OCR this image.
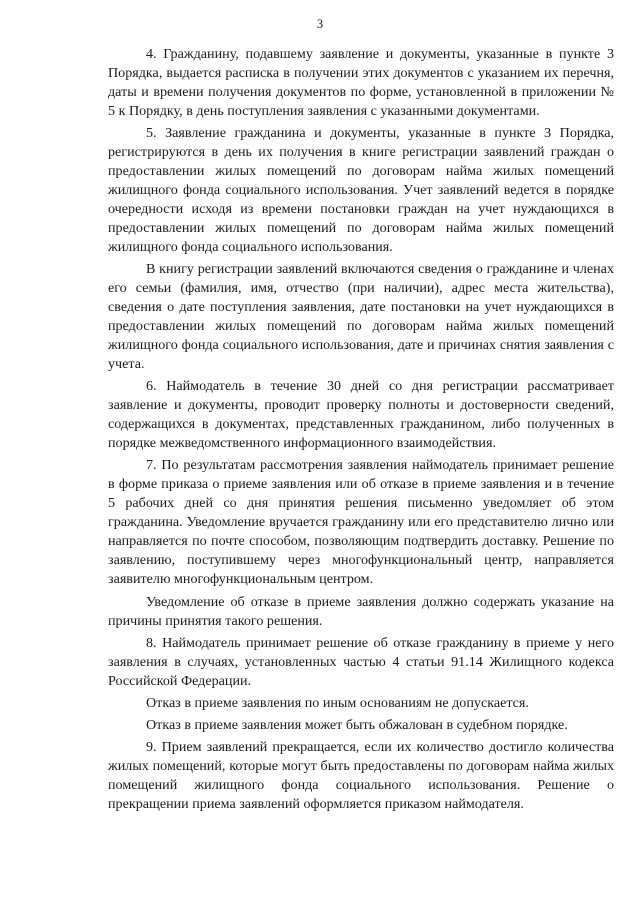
3

4. Гражданину, подавшему заявление и документы, указанные в пункте 3 Порядка, выдается расписка в получении этих документов с указанием их перечня, даты и времени получения документов по форме, установленной в приложении № 5 к Порядку, в день поступления заявления с указанными документами.

5. Заявление гражданина и документы, указанные в пункте 3 Порядка, регистрируются в день их получения в книге регистрации заявлений граждан о предоставлении жилых помещений по договорам найма жилых помещений жилищного фонда социального использования. Учет заявлений ведется в порядке очередности исходя из времени постановки граждан на учет нуждающихся в предоставлении жилых помещений по договорам найма жилых помещений жилищного фонда социального использования.

В книгу регистрации заявлений включаются сведения о гражданине и членах его семьи (фамилия, имя, отчество (при наличии), адрес места жительства), сведения о дате поступления заявления, дате постановки на учет нуждающихся в предоставлении жилых помещений по договорам найма жилых помещений жилищного фонда социального использования, дате и причинах снятия заявления с учета.

6. Наймодатель в течение 30 дней со дня регистрации рассматривает заявление и документы, проводит проверку полноты и достоверности сведений, содержащихся в документах, представленных гражданином, либо полученных в порядке межведомственного информационного взаимодействия.

7. По результатам рассмотрения заявления наймодатель принимает решение в форме приказа о приеме заявления или об отказе в приеме заявления и в течение 5 рабочих дней со дня принятия решения письменно уведомляет об этом гражданина. Уведомление вручается гражданину или его представителю лично или направляется по почте способом, позволяющим подтвердить доставку. Решение по заявлению, поступившему через многофункциональный центр, направляется заявителю многофункциональным центром.

Уведомление об отказе в приеме заявления должно содержать указание на причины принятия такого решения.

8. Наймодатель принимает решение об отказе гражданину в приеме у него заявления в случаях, установленных частью 4 статьи 91.14 Жилищного кодекса Российской Федерации.

Отказ в приеме заявления по иным основаниям не допускается.

Отказ в приеме заявления может быть обжалован в судебном порядке.

9. Прием заявлений прекращается, если их количество достигло количества жилых помещений, которые могут быть предоставлены по договорам найма жилых помещений жилищного фонда социального использования. Решение о прекращении приема заявлений оформляется приказом наймодателя.
